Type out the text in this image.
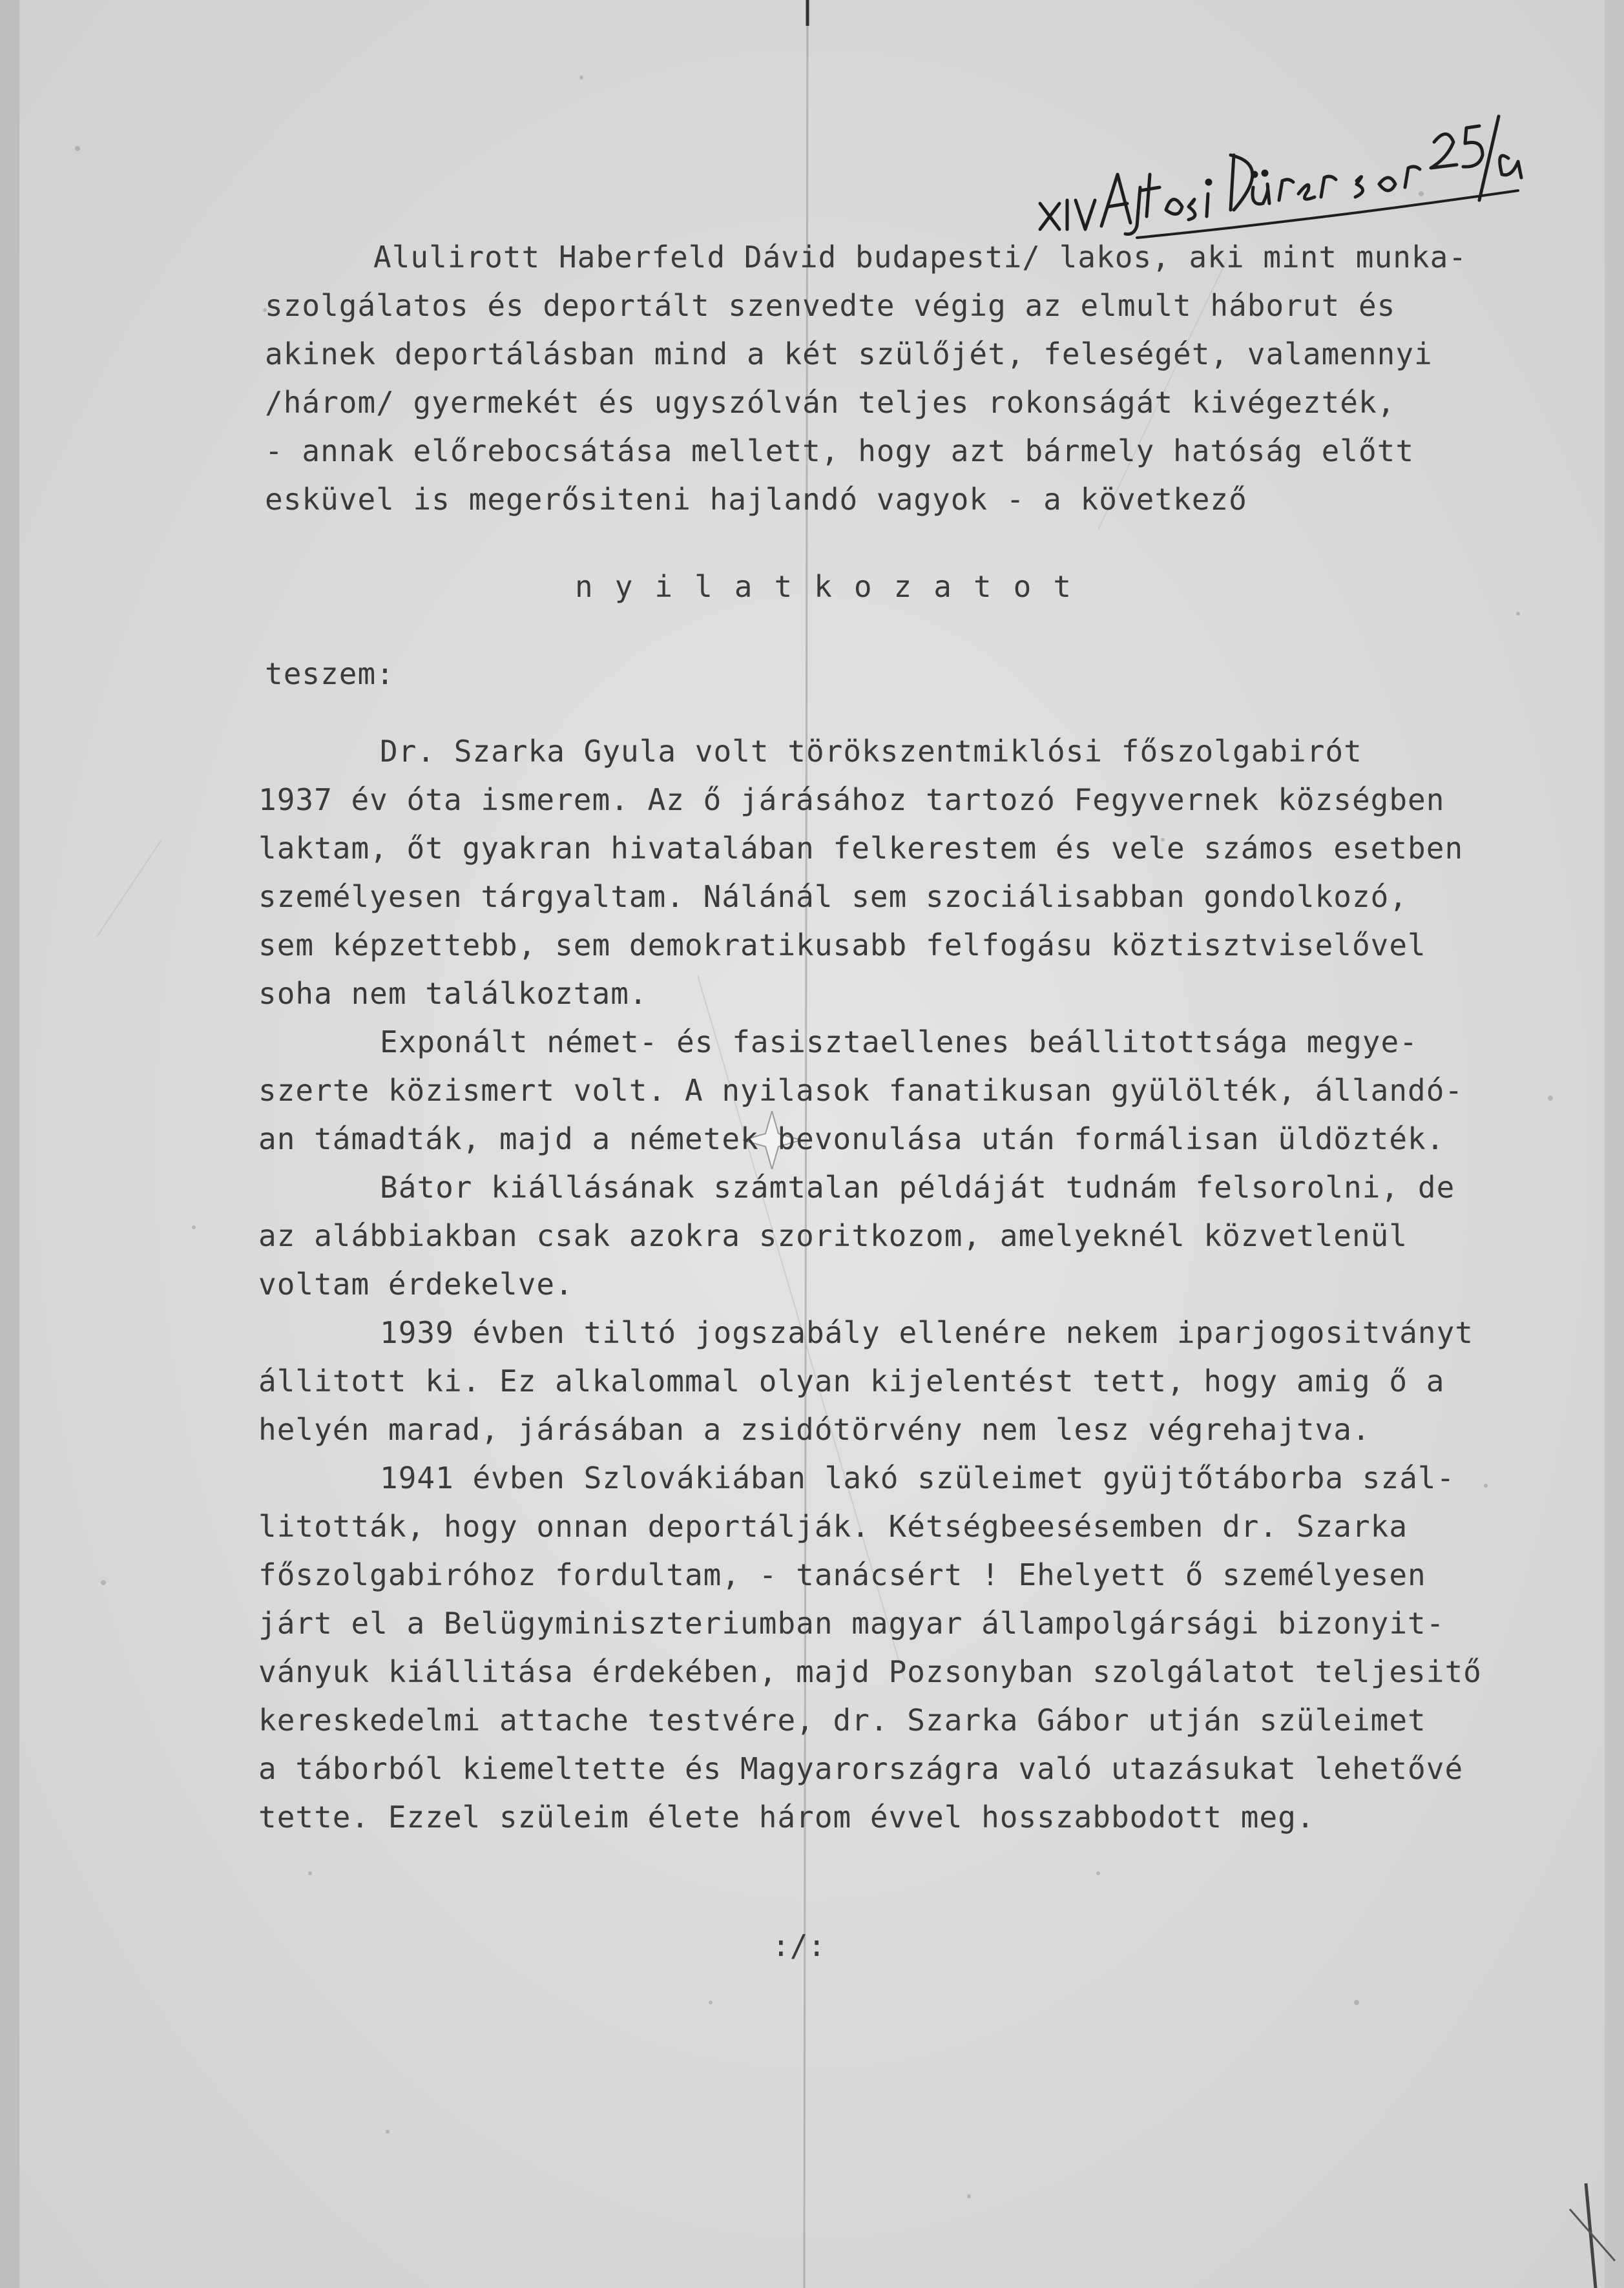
Alulirott Haberfeld Dávid budapesti/ lakos, aki mint munka-
szolgálatos és deportált szenvedte végig az elmult háborut és
akinek deportálásban mind a két szülőjét, feleségét, valamennyi
/három/ gyermekét és ugyszólván teljes rokonságát kivégezték,
- annak előrebocsátása mellett, hogy azt bármely hatóság előtt
esküvel is megerősiteni hajlandó vagyok - a következő
nyilatkozatot
teszem:
Dr. Szarka Gyula volt törökszentmiklósi főszolgabirót
1937 év óta ismerem. Az ő járásához tartozó Fegyvernek községben
laktam, őt gyakran hivatalában felkerestem és vele számos esetben
személyesen tárgyaltam. Nálánál sem szociálisabban gondolkozó,
sem képzettebb, sem demokratikusabb felfogásu köztisztviselővel
soha nem találkoztam.
Exponált német- és fasisztaellenes beállitottsága megye-
szerte közismert volt. A nyilasok fanatikusan gyülölték, állandó-
an támadták, majd a németek bevonulása után formálisan üldözték.
Bátor kiállásának számtalan példáját tudnám felsorolni, de
az alábbiakban csak azokra szoritkozom, amelyeknél közvetlenül
voltam érdekelve.
1939 évben tiltó jogszabály ellenére nekem iparjogositványt
állitott ki. Ez alkalommal olyan kijelentést tett, hogy amig ő a
helyén marad, járásában a zsidótörvény nem lesz végrehajtva.
1941 évben Szlovákiában lakó szüleimet gyüjtőtáborba szál-
litották, hogy onnan deportálják. Kétségbeesésemben dr. Szarka
főszolgabiróhoz fordultam, - tanácsért ! Ehelyett ő személyesen
járt el a Belügyminiszteriumban magyar állampolgársági bizonyit-
ványuk kiállitása érdekében, majd Pozsonyban szolgálatot teljesitő
kereskedelmi attache testvére, dr. Szarka Gábor utján szüleimet
a táborból kiemeltette és Magyarországra való utazásukat lehetővé
tette. Ezzel szüleim élete három évvel hosszabbodott meg.
:/:
